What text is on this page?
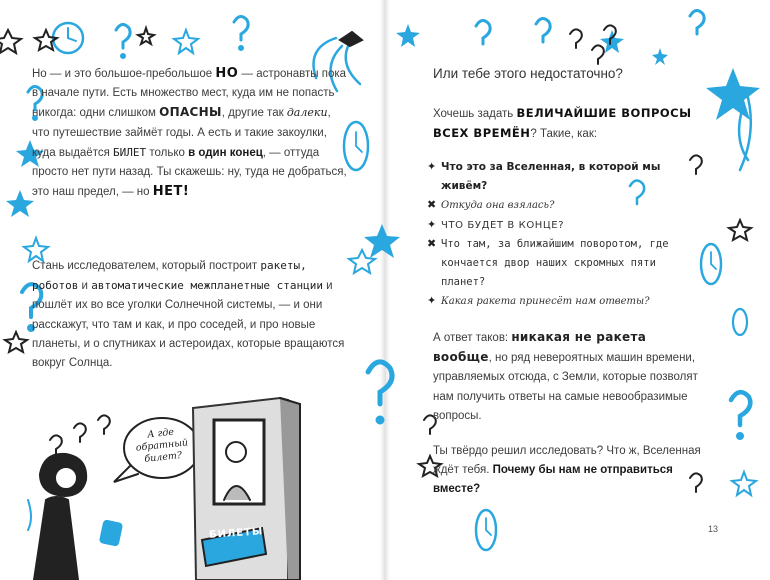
Но — и это большое-пребольшое НО — астронавты пока в начале пути. Есть множество мест, куда им не попасть никогда: одни слишком ОПАСНЫ, другие так далеки, что путешествие займёт годы. А есть и такие закоулки, куда выдаётся БИЛЕТ только в один конец, — оттуда просто нет пути назад. Ты скажешь: ну, туда не добраться, это наш предел, — но НЕТ!
Стань исследователем, который построит ракеты, роботов и автоматические межпланетные станции и пошлёт их во все уголки Солнечной системы, — и они расскажут, что там и как, и про соседей, и про новые планеты, и о спутниках и астероидах, которые вращаются вокруг Солнца.
А где обратный билет?
БИЛЕТЫ
Или тебе этого недостаточно?
Хочешь задать ВЕЛИЧАЙШИЕ ВОПРОСЫ ВСЕХ ВРЕМЁН? Такие, как:
✦ Что это за Вселенная, в которой мы живём?
✖ Откуда она взялась?
✦ ЧТО БУДЕТ В КОНЦЕ?
✖ Что там, за ближайшим поворотом, где кончается двор наших скромных пяти планет?
✦ Какая ракета принесёт нам ответы?
А ответ таков: никакая не ракета вообще, но ряд невероятных машин времени, управляемых отсюда, с Земли, которые позволят нам получить ответы на самые невообразимые вопросы.
Ты твёрдо решил исследовать? Что ж, Вселенная ждёт тебя. Почему бы нам не отправиться вместе?
13
